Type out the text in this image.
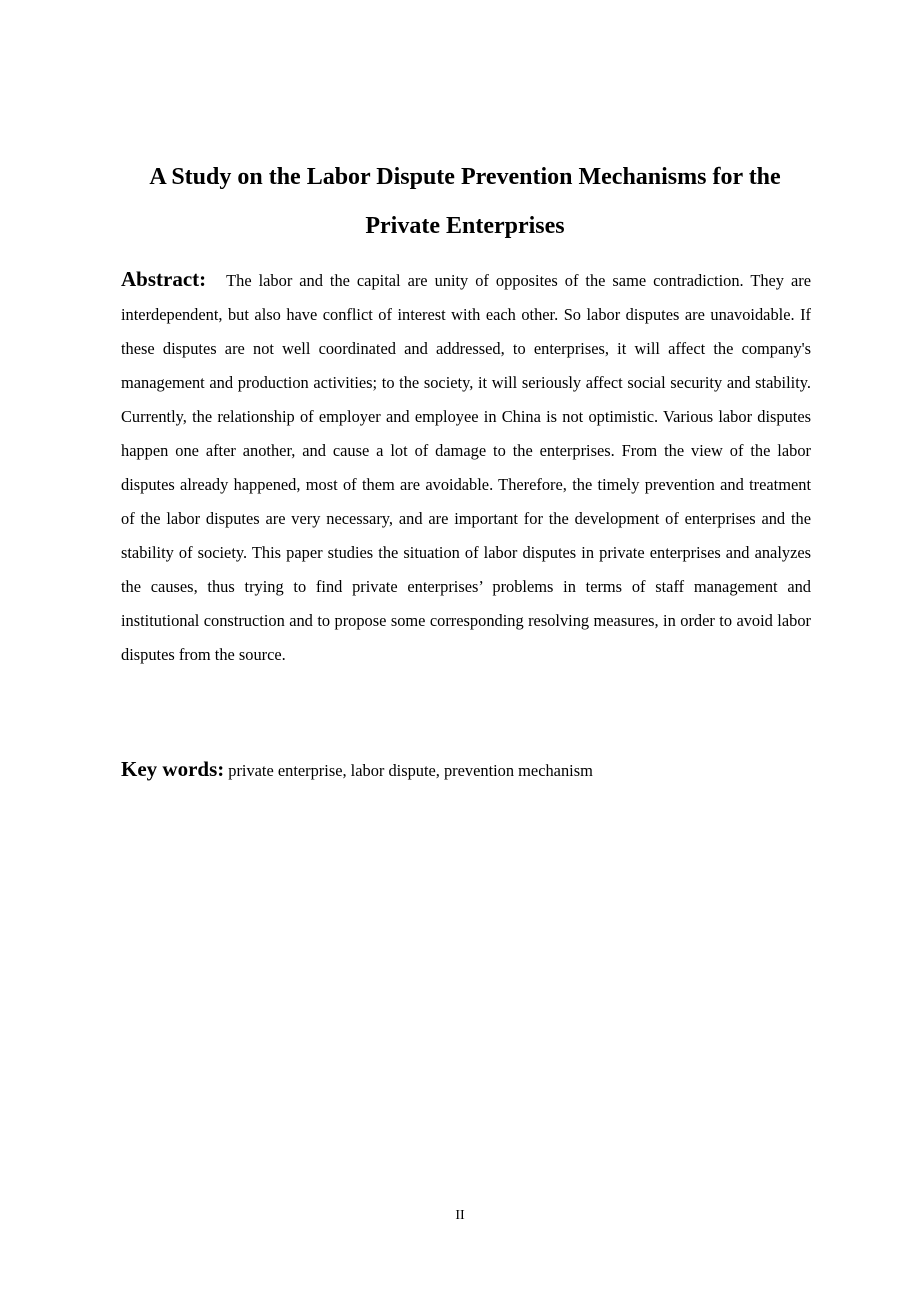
A Study on the Labor Dispute Prevention Mechanisms for the
Private Enterprises

Abstract: The labor and the capital are unity of opposites of the same contradiction. They are interdependent, but also have conflict of interest with each other. So labor disputes are unavoidable. If these disputes are not well coordinated and addressed, to enterprises, it will affect the company's management and production activities; to the society, it will seriously affect social security and stability. Currently, the relationship of employer and employee in China is not optimistic. Various labor disputes happen one after another, and cause a lot of damage to the enterprises. From the view of the labor disputes already happened, most of them are avoidable. Therefore, the timely prevention and treatment of the labor disputes are very necessary, and are important for the development of enterprises and the stability of society. This paper studies the situation of labor disputes in private enterprises and analyzes the causes, thus trying to find private enterprises’ problems in terms of staff management and institutional construction and to propose some corresponding resolving measures, in order to avoid labor disputes from the source.

Key words: private enterprise, labor dispute, prevention mechanism

II
